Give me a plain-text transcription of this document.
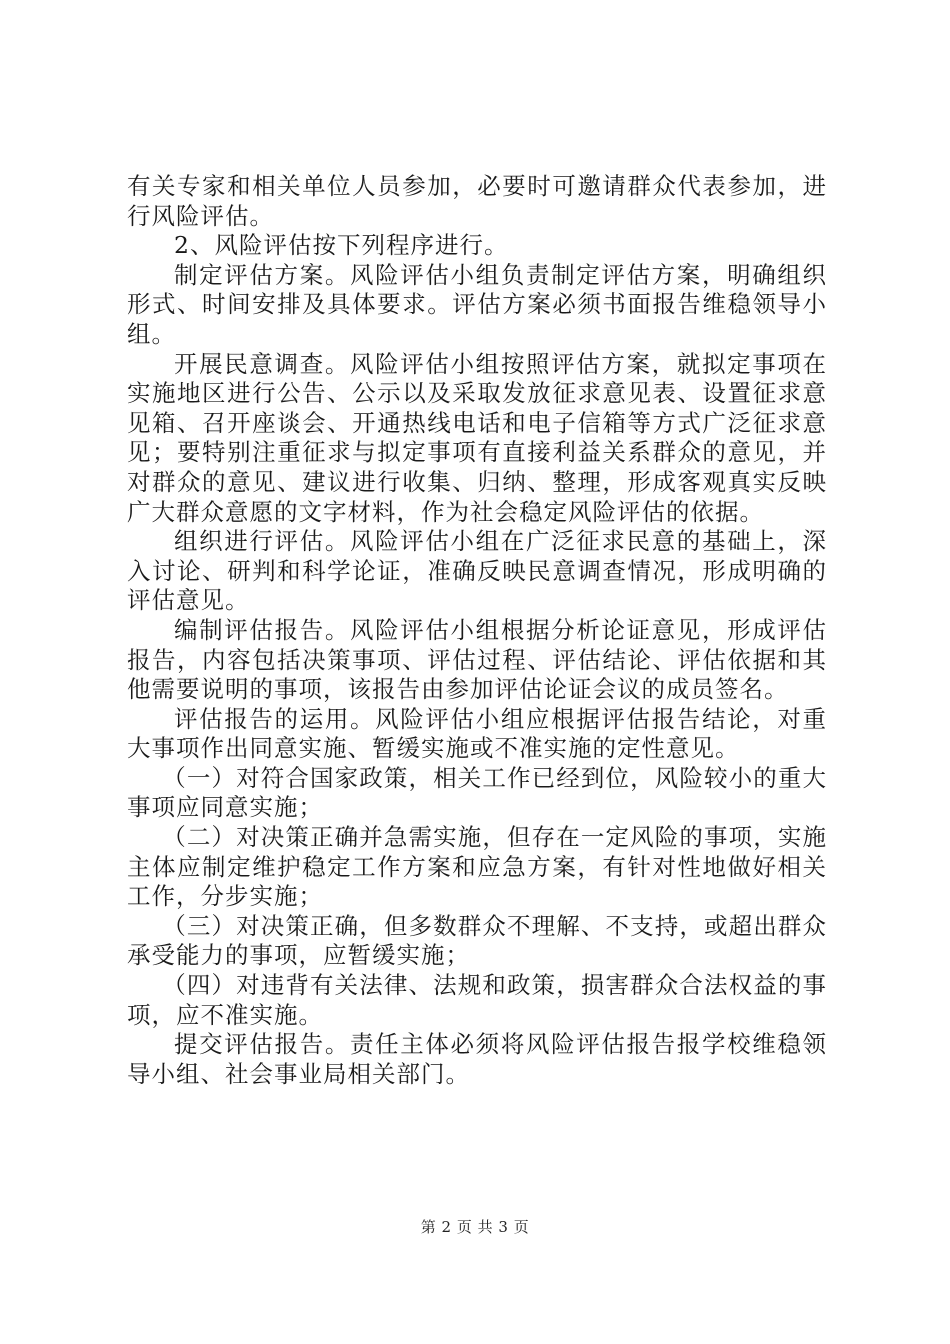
有关专家和相关单位人员参加，必要时可邀请群众代表参加，进行风险评估。

2、风险评估按下列程序进行。

制定评估方案。风险评估小组负责制定评估方案，明确组织形式、时间安排及具体要求。评估方案必须书面报告维稳领导小组。

开展民意调查。风险评估小组按照评估方案，就拟定事项在实施地区进行公告、公示以及采取发放征求意见表、设置征求意见箱、召开座谈会、开通热线电话和电子信箱等方式广泛征求意见；要特别注重征求与拟定事项有直接利益关系群众的意见，并对群众的意见、建议进行收集、归纳、整理，形成客观真实反映广大群众意愿的文字材料，作为社会稳定风险评估的依据。

组织进行评估。风险评估小组在广泛征求民意的基础上，深入讨论、研判和科学论证，准确反映民意调查情况，形成明确的评估意见。

编制评估报告。风险评估小组根据分析论证意见，形成评估报告，内容包括决策事项、评估过程、评估结论、评估依据和其他需要说明的事项，该报告由参加评估论证会议的成员签名。

评估报告的运用。风险评估小组应根据评估报告结论，对重大事项作出同意实施、暂缓实施或不准实施的定性意见。

（一）对符合国家政策，相关工作已经到位，风险较小的重大事项应同意实施；

（二）对决策正确并急需实施，但存在一定风险的事项，实施主体应制定维护稳定工作方案和应急方案，有针对性地做好相关工作，分步实施；

（三）对决策正确，但多数群众不理解、不支持，或超出群众承受能力的事项，应暂缓实施；

（四）对违背有关法律、法规和政策，损害群众合法权益的事项，应不准实施。

提交评估报告。责任主体必须将风险评估报告报学校维稳领导小组、社会事业局相关部门。

第 2 页 共 3 页
